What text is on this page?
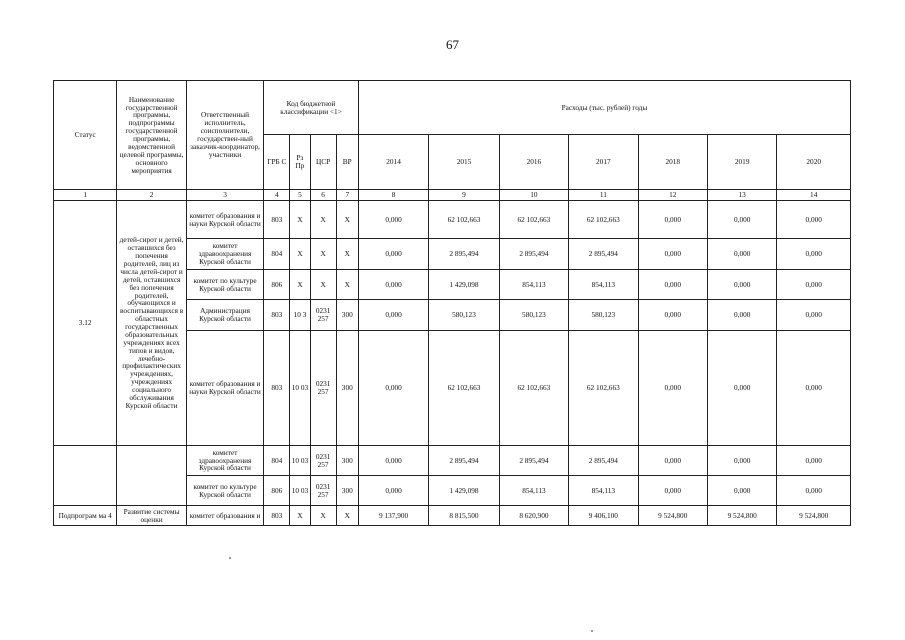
67
Статус	Наименование государственной программы, подпрограммы государственной программы, ведомственной целевой программы, основного мероприятия	Ответственный исполнитель, соисполнители, государствен-ный заказчик-координатор, участники	Код бюджетной классификации <1>				Расходы (тыс. рублей) годы						
			ГРБ С	Рз Пр	ЦСР	ВР	2014	2015	2016	2017	2018	2019	2020
1	2	3	4	5	6	7	8	9	10	11	12	13	14
3.12	детей-сирот и детей, оставшихся без попечения родителей, лиц из числа детей-сирот и детей, оставшихся без попечения родителей, обучающихся и воспитывающихся в областных государственных образовательных учреждениях всех типов и видов, лечебно-профилактических учреждениях, учреждениях социального обслуживания Курской области	комитет образования и науки Курской области	803	X	X	X	0,000	62 102,663	62 102,663	62 102,663	0,000	0,000	0,000
		комитет здравоохранения Курской области	804	X	X	X	0,000	2 895,494	2 895,494	2 895,494	0,000	0,000	0,000
		комитет по культуре Курской области	806	X	X	X	0,000	1 429,098	854,113	854,113	0,000	0,000	0,000
		Администрация Курской области	803	10 3	0231 257	300	0,000	580,123	580,123	580,123	0,000	0,000	0,000
		комитет образования и науки Курской области	803	10 03	0231 257	300	0,000	62 102,663	62 102,663	62 102,663	0,000	0,000	0,000
		комитет здравоохранения Курской области	804	10 03	0231 257	300	0,000	2 895,494	2 895,494	2 895,494	0,000	0,000	0,000
		комитет по культуре Курской области	806	10 03	0231 257	300	0,000	1 429,098	854,113	854,113	0,000	0,000	0,000
Подпрограм ма 4	Развитие системы оценки	комитет образования и	803	X	X	X	9 137,900	8 815,500	8 620,900	9 406,100	9 524,800	9 524,800	9 524,800
